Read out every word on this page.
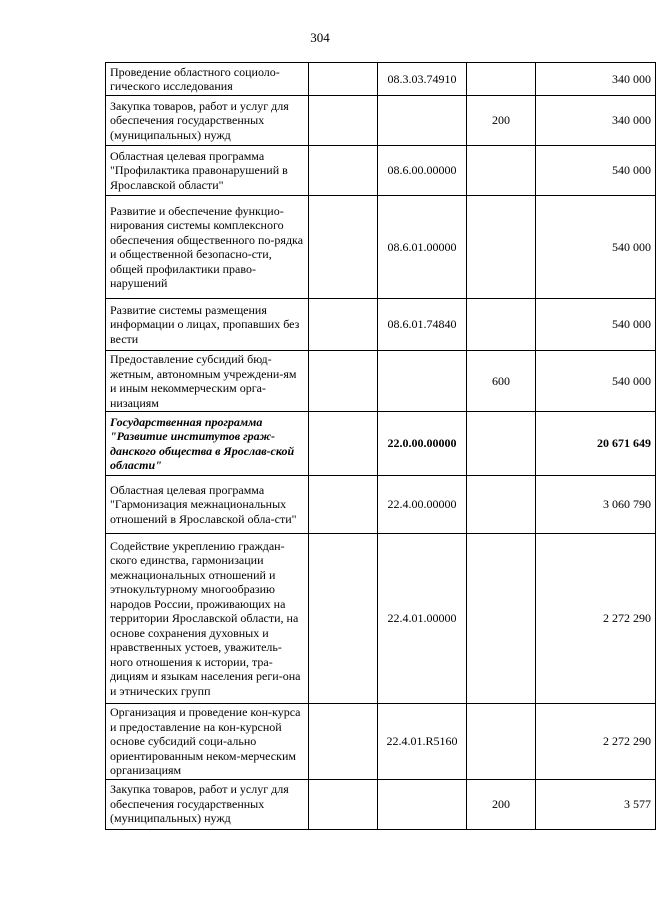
304
Проведение областного социоло-гического исследования		08.3.03.74910		340 000
Закупка товаров, работ и услуг для обеспечения государственных (муниципальных) нужд			200	340 000
Областная целевая программа "Профилактика правонарушений в Ярославской области"		08.6.00.00000		540 000
Развитие и обеспечение функцио-нирования системы комплексного обеспечения общественного по-рядка и общественной безопасно-сти, общей профилактики право-нарушений		08.6.01.00000		540 000
Развитие системы размещения информации о лицах, пропавших без вести		08.6.01.74840		540 000
Предоставление субсидий бюд-жетным, автономным учреждени-ям и иным некоммерческим орга-низациям			600	540 000
Государственная программа "Развитие институтов граж-данского общества в Ярослав-ской области"		22.0.00.00000		20 671 649
Областная целевая программа "Гармонизация межнациональных отношений в Ярославской обла-сти"		22.4.00.00000		3 060 790
Содействие укреплению граждан-ского единства, гармонизации межнациональных отношений и этнокультурному многообразию народов России, проживающих на территории Ярославской области, на основе сохранения духовных и нравственных устоев, уважитель-ного отношения к истории, тра-дициям и языкам населения реги-она и этнических групп		22.4.01.00000		2 272 290
Организация и проведение кон-курса и предоставление на кон-курсной основе субсидий соци-ально ориентированным неком-мерческим организациям		22.4.01.R5160		2 272 290
Закупка товаров, работ и услуг для обеспечения государственных (муниципальных) нужд			200	3 577
